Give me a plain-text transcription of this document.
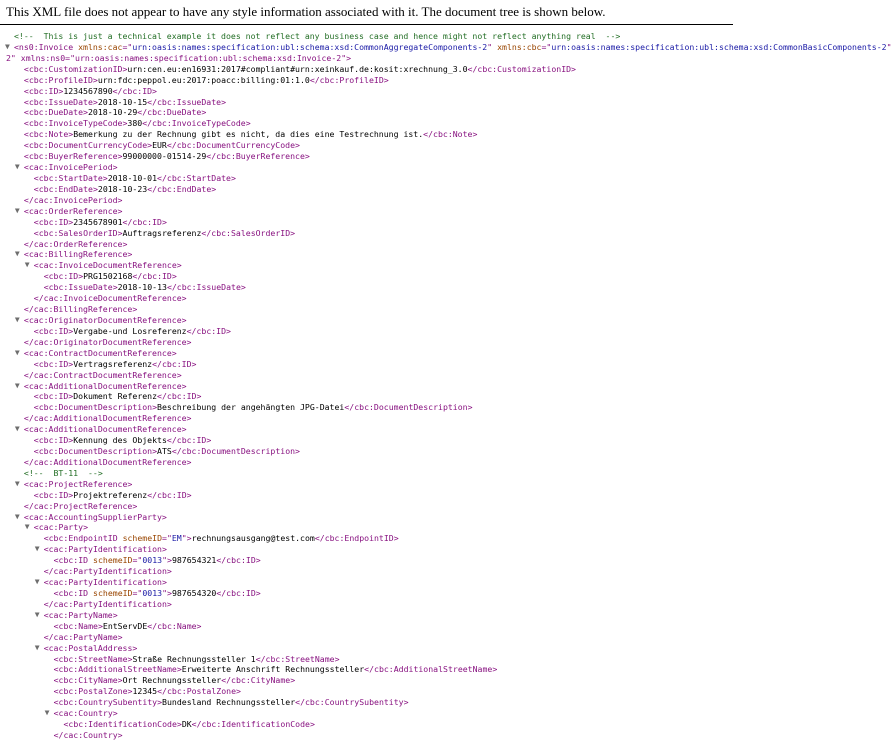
This XML file does not appear to have any style information associated with it. The document tree is shown below.
<!--  This is just a technical example it does not reflect any business case and hence might not reflect anything real  -->
▼ <ns0:Invoice xmlns:cac="urn:oasis:names:specification:ubl:schema:xsd:CommonAggregateComponents-2" xmlns:cbc="urn:oasis:names:specification:ubl:schema:xsd:CommonBasicComponents-2"
2" xmlns:ns0="urn:oasis:names:specification:ubl:schema:xsd:Invoice-2">
<cbc:CustomizationID>urn:cen.eu:en16931:2017#compliant#urn:xeinkauf.de:kosit:xrechnung_3.0</cbc:CustomizationID>
<cbc:ProfileID>urn:fdc:peppol.eu:2017:poacc:billing:01:1.0</cbc:ProfileID>
<cbc:ID>1234567890</cbc:ID>
<cbc:IssueDate>2018-10-15</cbc:IssueDate>
<cbc:DueDate>2018-10-29</cbc:DueDate>
<cbc:InvoiceTypeCode>380</cbc:InvoiceTypeCode>
<cbc:Note>Bemerkung zu der Rechnung gibt es nicht, da dies eine Testrechnung ist.</cbc:Note>
<cbc:DocumentCurrencyCode>EUR</cbc:DocumentCurrencyCode>
<cbc:BuyerReference>99000000-01514-29</cbc:BuyerReference>
▼ <cac:InvoicePeriod>
<cbc:StartDate>2018-10-01</cbc:StartDate>
<cbc:EndDate>2018-10-23</cbc:EndDate>
</cac:InvoicePeriod>
▼ <cac:OrderReference>
<cbc:ID>2345678901</cbc:ID>
<cbc:SalesOrderID>Auftragsreferenz</cbc:SalesOrderID>
</cac:OrderReference>
▼ <cac:BillingReference>
▼ <cac:InvoiceDocumentReference>
<cbc:ID>PRG1502168</cbc:ID>
<cbc:IssueDate>2018-10-13</cbc:IssueDate>
</cac:InvoiceDocumentReference>
</cac:BillingReference>
▼ <cac:OriginatorDocumentReference>
<cbc:ID>Vergabe-und Losreferenz</cbc:ID>
</cac:OriginatorDocumentReference>
▼ <cac:ContractDocumentReference>
<cbc:ID>Vertragsreferenz</cbc:ID>
</cac:ContractDocumentReference>
▼ <cac:AdditionalDocumentReference>
<cbc:ID>Dokument Referenz</cbc:ID>
<cbc:DocumentDescription>Beschreibung der angehängten JPG-Datei</cbc:DocumentDescription>
</cac:AdditionalDocumentReference>
▼ <cac:AdditionalDocumentReference>
<cbc:ID>Kennung des Objekts</cbc:ID>
<cbc:DocumentDescription>ATS</cbc:DocumentDescription>
</cac:AdditionalDocumentReference>
<!--  BT-11  -->
▼ <cac:ProjectReference>
<cbc:ID>Projektreferenz</cbc:ID>
</cac:ProjectReference>
▼ <cac:AccountingSupplierParty>
▼ <cac:Party>
<cbc:EndpointID schemeID="EM">rechnungsausgang@test.com</cbc:EndpointID>
▼ <cac:PartyIdentification>
<cbc:ID schemeID="0013">987654321</cbc:ID>
</cac:PartyIdentification>
▼ <cac:PartyIdentification>
<cbc:ID schemeID="0013">987654320</cbc:ID>
</cac:PartyIdentification>
▼ <cac:PartyName>
<cbc:Name>EntServDE</cbc:Name>
</cac:PartyName>
▼ <cac:PostalAddress>
<cbc:StreetName>Straße Rechnungssteller 1</cbc:StreetName>
<cbc:AdditionalStreetName>Erweiterte Anschrift Rechnungssteller</cbc:AdditionalStreetName>
<cbc:CityName>Ort Rechnungssteller</cbc:CityName>
<cbc:PostalZone>12345</cbc:PostalZone>
<cbc:CountrySubentity>Bundesland Rechnungssteller</cbc:CountrySubentity>
▼ <cac:Country>
<cbc:IdentificationCode>DK</cbc:IdentificationCode>
</cac:Country>
